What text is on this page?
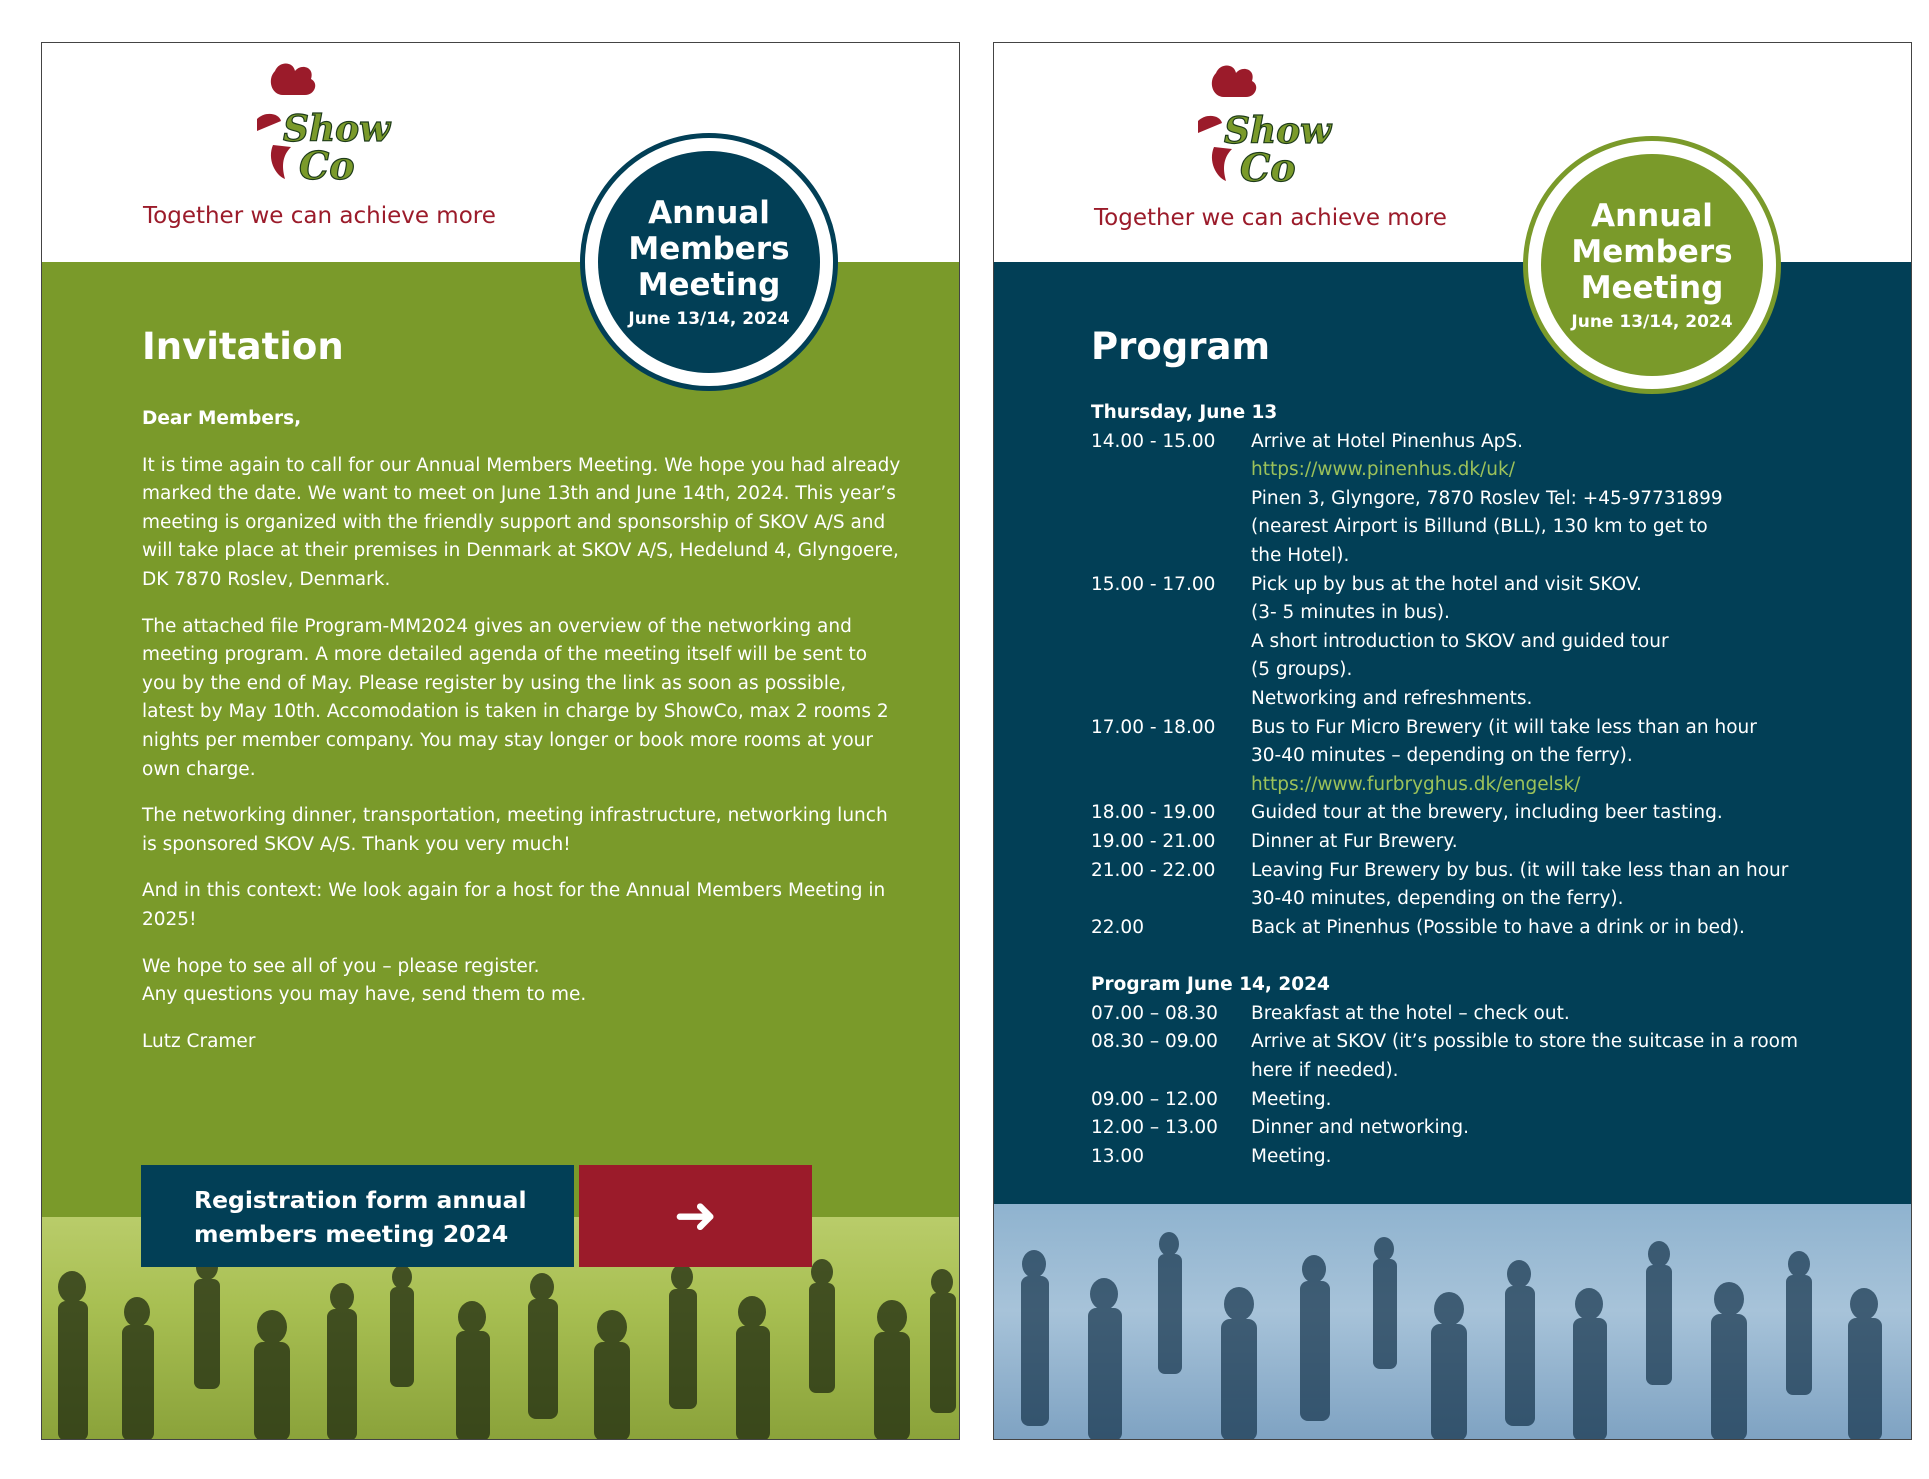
Show
Co
Together we can achieve more	Annual
Members
Meeting
June 13/14, 2024
Invitation

Dear Members,

It is time again to call for our Annual Members Meeting. We hope you had already marked the date. We want to meet on June 13th and June 14th, 2024. This year’s meeting is organized with the friendly support and sponsorship of SKOV A/S and will take place at their premises in Denmark at SKOV A/S, Hedelund 4, Glyngoere, DK 7870 Roslev, Denmark.

The attached file Program-MM2024 gives an overview of the networking and meeting program. A more detailed agenda of the meeting itself will be sent to you by the end of May. Please register by using the link as soon as possible, latest by May 10th. Accomodation is taken in charge by ShowCo, max 2 rooms 2 nights per member company. You may stay longer or book more rooms at your own charge.

The networking dinner, transportation, meeting infrastructure, networking lunch is sponsored SKOV A/S. Thank you very much!

And in this context: We look again for a host for the Annual Members Meeting in 2025!

We hope to see all of you – please register.
Any questions you may have, send them to me.

Lutz Cramer

Registration form annual
members meeting 2024	➜
Show
Co
Together we can achieve more	Annual
Members
Meeting
June 13/14, 2024
Program
Thursday, June 13
14.00 - 15.00	Arrive at Hotel Pinenhus ApS.
https://www.pinenhus.dk/uk/
Pinen 3, Glyngore, 7870 Roslev Tel: +45-97731899
(nearest Airport is Billund (BLL), 130 km to get to
the Hotel).
15.00 - 17.00	Pick up by bus at the hotel and visit SKOV.
(3- 5 minutes in bus).
A short introduction to SKOV and guided tour
(5 groups).
Networking and refreshments.
17.00 - 18.00	Bus to Fur Micro Brewery (it will take less than an hour
30-40 minutes – depending on the ferry).
https://www.furbryghus.dk/engelsk/
18.00 - 19.00	Guided tour at the brewery, including beer tasting.
19.00 - 21.00	Dinner at Fur Brewery.
21.00 - 22.00	Leaving Fur Brewery by bus. (it will take less than an hour
30-40 minutes, depending on the ferry).
22.00	Back at Pinenhus (Possible to have a drink or in bed).
Program June 14, 2024
07.00 – 08.30	Breakfast at the hotel – check out.
08.30 – 09.00	Arrive at SKOV (it’s possible to store the suitcase in a room
here if needed).
09.00 – 12.00	Meeting.
12.00 – 13.00	Dinner and networking.
13.00	Meeting.
